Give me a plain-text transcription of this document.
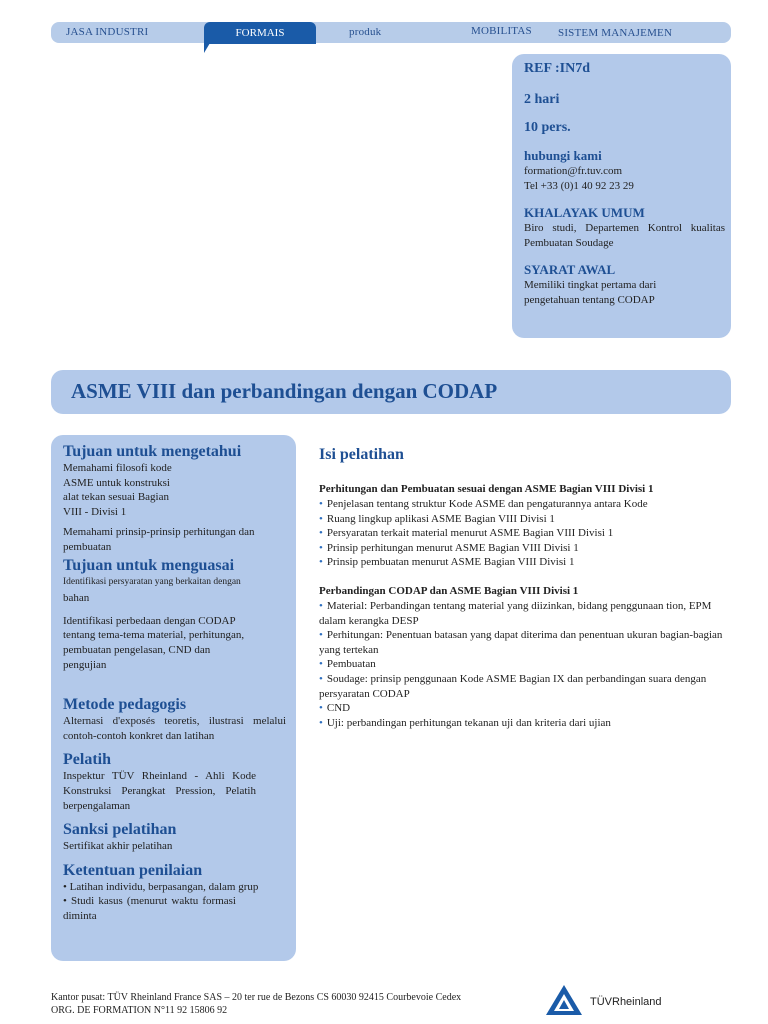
JASA INDUSTRI	produk	MOBILITAS SISTEM MANAJEMEN
FORMAIS
REF :IN7d
2 hari
10 pers.
hubungi kami
formation@fr.tuv.com
Tel +33 (0)1 40 92 23 29
KHALAYAK UMUM
Biro studi, Departemen Kontrol kualitas Pembuatan Soudage
SYARAT AWAL
Memiliki tingkat pertama dari pengetahuan tentang CODAP
ASME VIII dan perbandingan dengan CODAP
Tujuan untuk mengetahui

Memahami filosofi kode

ASME untuk konstruksi

alat tekan sesuai Bagian

VIII - Divisi 1

Memahami prinsip-prinsip perhitungan dan pembuatan

Tujuan untuk menguasai

Identifikasi persyaratan yang berkaitan dengan

bahan

Identifikasi perbedaan dengan CODAP tentang tema-tema material, perhitungan, pembuatan pengelasan, CND dan pengujian

Metode pedagogis

Alternasi d'exposés teoretis, ilustrasi melalui contoh-contoh konkret dan latihan

Pelatih

Inspektur TÜV Rheinland - Ahli Kode Konstruksi Perangkat Pression, Pelatih berpengalaman

Sanksi pelatihan

Sertifikat akhir pelatihan

Ketentuan penilaian

• Latihan individu, berpasangan, dalam grup

• Studi kasus (menurut waktu formasi diminta

Isi pelatihan
Perhitungan dan Pembuatan sesuai dengan ASME Bagian VIII Divisi 1
• Penjelasan tentang struktur Kode ASME dan pengaturannya antara Kode
• Ruang lingkup aplikasi ASME Bagian VIII Divisi 1
• Persyaratan terkait material menurut ASME Bagian VIII Divisi 1
• Prinsip perhitungan menurut ASME Bagian VIII Divisi 1
• Prinsip pembuatan menurut ASME Bagian VIII Divisi 1
Perbandingan CODAP dan ASME Bagian VIII Divisi 1
• Material: Perbandingan tentang material yang diizinkan, bidang penggunaan tion, EPM dalam kerangka DESP
• Perhitungan: Penentuan batasan yang dapat diterima dan penentuan ukuran bagian-bagian yang tertekan
• Pembuatan
• Soudage: prinsip penggunaan Kode ASME Bagian IX dan perbandingan suara dengan persyaratan CODAP
• CND
• Uji: perbandingan perhitungan tekanan uji dan kriteria dari ujian
Kantor pusat: TÜV Rheinland France SAS – 20 ter rue de Bezons CS 60030 92415 Courbevoie Cedex
ORG. DE FORMATION N°11 92 15806 92
TÜVRheinland
